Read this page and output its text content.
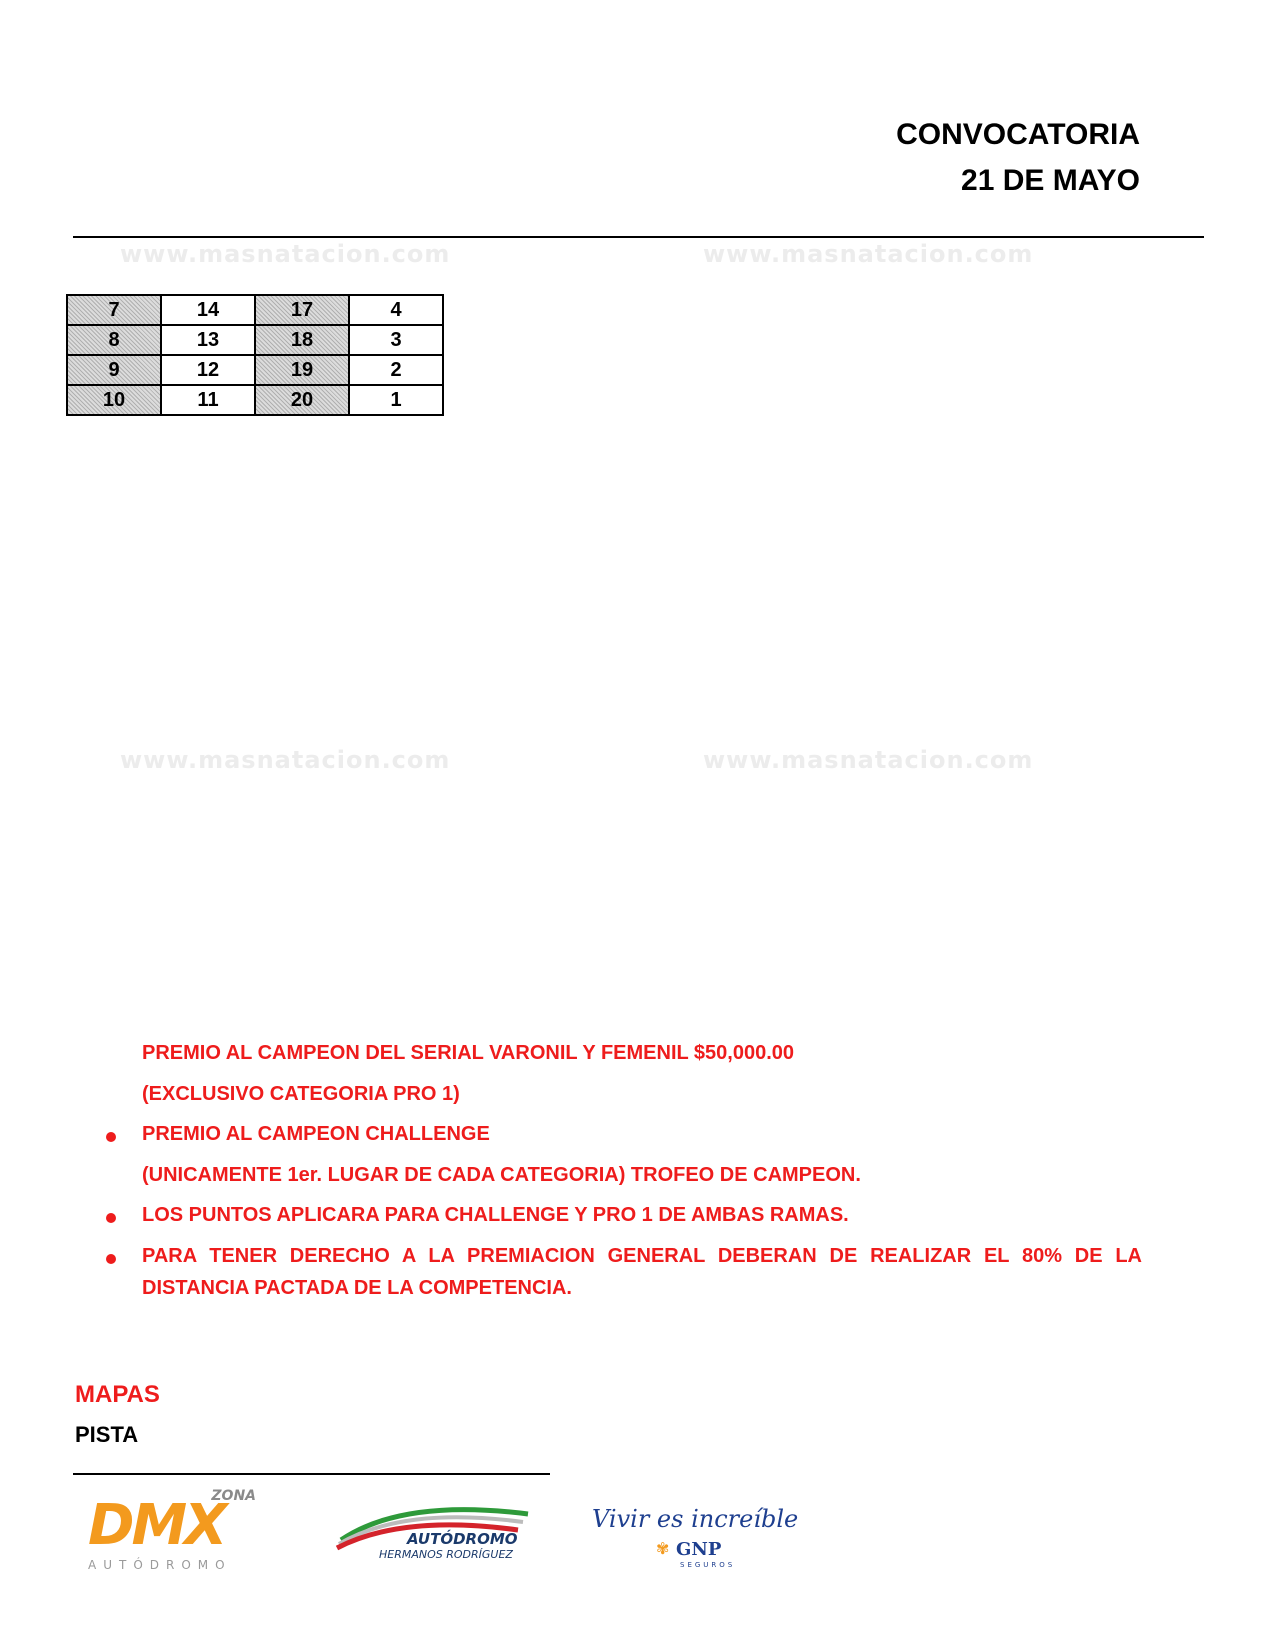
CONVOCATORIA
21 DE MAYO
www.masnatacion.com	www.masnatacion.com
www.masnatacion.com	www.masnatacion.com
7	14	17	4
8	13	18	3
9	12	19	2
10	11	20	1
PREMIO AL CAMPEON DEL SERIAL VARONIL Y FEMENIL $50,000.00
(EXCLUSIVO CATEGORIA PRO 1)
PREMIO AL CAMPEON CHALLENGE
(UNICAMENTE 1er. LUGAR DE CADA CATEGORIA) TROFEO DE CAMPEON.
LOS PUNTOS APLICARA PARA CHALLENGE Y PRO 1 DE AMBAS RAMAS.
PARA TENER DERECHO A LA PREMIACION GENERAL DEBERAN DE REALIZAR EL 80% DE LA
DISTANCIA PACTADA DE LA COMPETENCIA.
MAPAS
PISTA
ZONA
DMX
AUTÓDROMO
AUTÓDROMO
HERMANOS RODRÍGUEZ
Vivir es increíble
✾ GNP
SEGUROS
